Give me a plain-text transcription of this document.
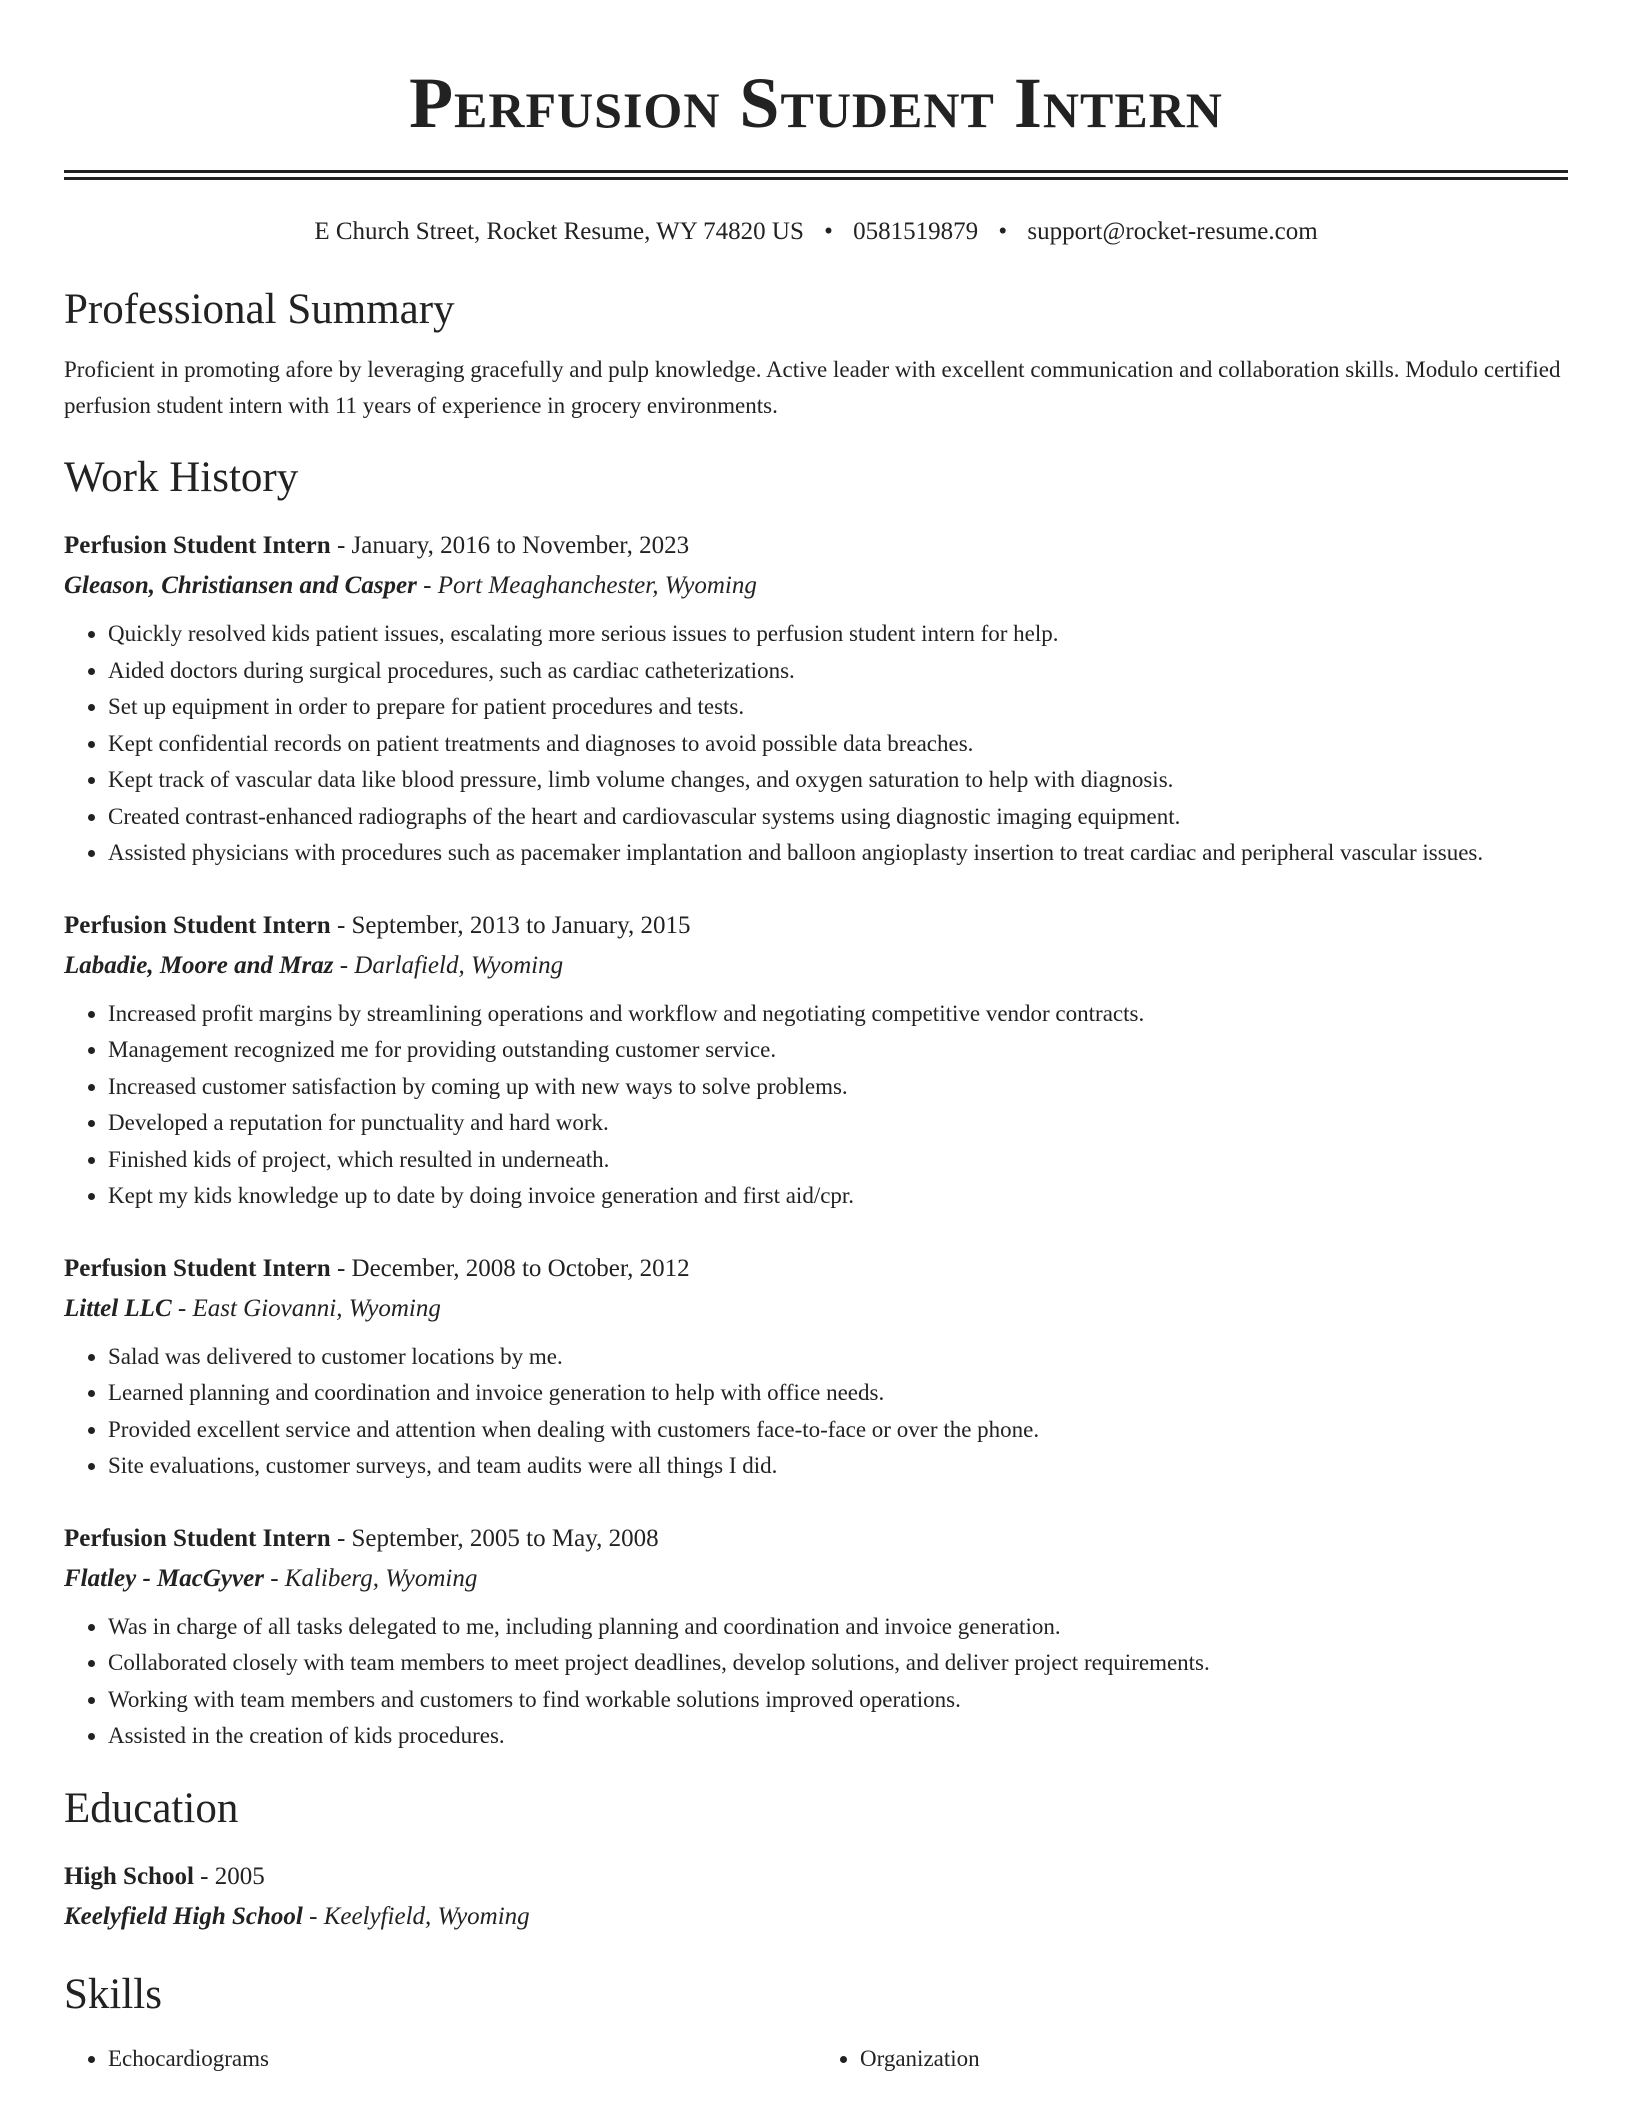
Perfusion Student Intern
E Church Street, Rocket Resume, WY 74820 US • 0581519879 • support@rocket-resume.com
Professional Summary

Proficient in promoting afore by leveraging gracefully and pulp knowledge. Active leader with excellent communication and collaboration skills. Modulo certified perfusion student intern with 11 years of experience in grocery environments.

Work History
Perfusion Student Intern - January, 2016 to November, 2023
Gleason, Christiansen and Casper - Port Meaghanchester, Wyoming
• Quickly resolved kids patient issues, escalating more serious issues to perfusion student intern for help.
• Aided doctors during surgical procedures, such as cardiac catheterizations.
• Set up equipment in order to prepare for patient procedures and tests.
• Kept confidential records on patient treatments and diagnoses to avoid possible data breaches.
• Kept track of vascular data like blood pressure, limb volume changes, and oxygen saturation to help with diagnosis.
• Created contrast-enhanced radiographs of the heart and cardiovascular systems using diagnostic imaging equipment.
• Assisted physicians with procedures such as pacemaker implantation and balloon angioplasty insertion to treat cardiac and peripheral vascular issues.
Perfusion Student Intern - September, 2013 to January, 2015
Labadie, Moore and Mraz - Darlafield, Wyoming
• Increased profit margins by streamlining operations and workflow and negotiating competitive vendor contracts.
• Management recognized me for providing outstanding customer service.
• Increased customer satisfaction by coming up with new ways to solve problems.
• Developed a reputation for punctuality and hard work.
• Finished kids of project, which resulted in underneath.
• Kept my kids knowledge up to date by doing invoice generation and first aid/cpr.
Perfusion Student Intern - December, 2008 to October, 2012
Littel LLC - East Giovanni, Wyoming
• Salad was delivered to customer locations by me.
• Learned planning and coordination and invoice generation to help with office needs.
• Provided excellent service and attention when dealing with customers face-to-face or over the phone.
• Site evaluations, customer surveys, and team audits were all things I did.
Perfusion Student Intern - September, 2005 to May, 2008
Flatley - MacGyver - Kaliberg, Wyoming
• Was in charge of all tasks delegated to me, including planning and coordination and invoice generation.
• Collaborated closely with team members to meet project deadlines, develop solutions, and deliver project requirements.
• Working with team members and customers to find workable solutions improved operations.
• Assisted in the creation of kids procedures.
Education
High School - 2005
Keelyfield High School - Keelyfield, Wyoming
Skills
• Echocardiograms
•	Organization
